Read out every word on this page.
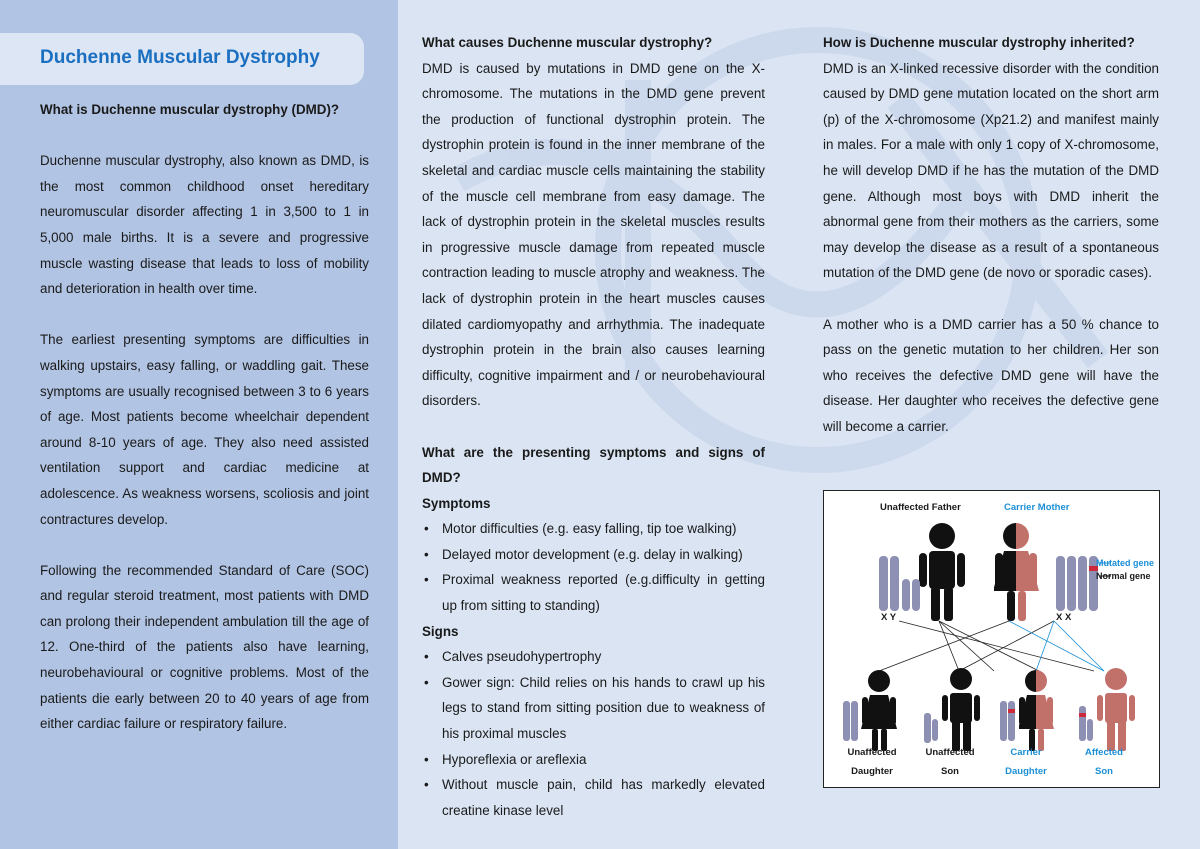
Duchenne Muscular Dystrophy
What is Duchenne muscular dystrophy (DMD)?
Duchenne muscular dystrophy, also known as DMD, is the most common childhood onset hereditary neuromuscular disorder affecting 1 in 3,500 to 1 in 5,000 male births. It is a severe and progressive muscle wasting disease that leads to loss of mobility and deterioration in health over time.
The earliest presenting symptoms are difficulties in walking upstairs, easy falling, or waddling gait. These symptoms are usually recognised between 3 to 6 years of age. Most patients become wheelchair dependent around 8-10 years of age. They also need assisted ventilation support and cardiac medicine at adolescence. As weakness worsens, scoliosis and joint contractures develop.
Following the recommended Standard of Care (SOC) and regular steroid treatment, most patients with DMD can prolong their independent ambulation till the age of 12. One-third of the patients also have learning, neurobehavioural or cognitive problems. Most of the patients die early between 20 to 40 years of age from either cardiac failure or respiratory failure.
What causes Duchenne muscular dystrophy?
DMD is caused by mutations in DMD gene on the X-chromosome. The mutations in the DMD gene prevent the production of functional dystrophin protein. The dystrophin protein is found in the inner membrane of the skeletal and cardiac muscle cells maintaining the stability of the muscle cell membrane from easy damage. The lack of dystrophin protein in the skeletal muscles results in progressive muscle damage from repeated muscle contraction leading to muscle atrophy and weakness. The lack of dystrophin protein in the heart muscles causes dilated cardiomyopathy and arrhythmia. The inadequate dystrophin protein in the brain also causes learning difficulty, cognitive impairment and / or neurobehavioural disorders.
What are the presenting symptoms and signs of DMD?
Symptoms
• Motor difficulties (e.g. easy falling, tip toe walking)
• Delayed motor development (e.g. delay in walking)
• Proximal weakness reported (e.g.difficulty in getting up from sitting to standing)
Signs
• Calves pseudohypertrophy
• Gower sign: Child relies on his hands to crawl up his legs to stand from sitting position due to weakness of his proximal muscles
• Hyporeflexia or areflexia
• Without muscle pain, child has markedly elevated creatine kinase level
How is Duchenne muscular dystrophy inherited?
DMD is an X-linked recessive disorder with the condition caused by DMD gene mutation located on the short arm (p) of the X-chromosome (Xp21.2) and manifest mainly in males. For a male with only 1 copy of X-chromosome, he will develop DMD if he has the mutation of the DMD gene. Although most boys with DMD inherit the abnormal gene from their mothers as the carriers, some may develop the disease as a result of a spontaneous mutation of the DMD gene (de novo or sporadic cases).
A mother who is a DMD carrier has a 50 % chance to pass on the genetic mutation to her children. Her son who receives the defective DMD gene will have the disease. Her daughter who receives the defective gene will become a carrier.
Unaffected Father	Carrier Mother
Mutated gene
Normal gene
X Y	X X
Unaffected
Daughter
Unaffected
Son
Carrier
Daughter
Affected
Son
